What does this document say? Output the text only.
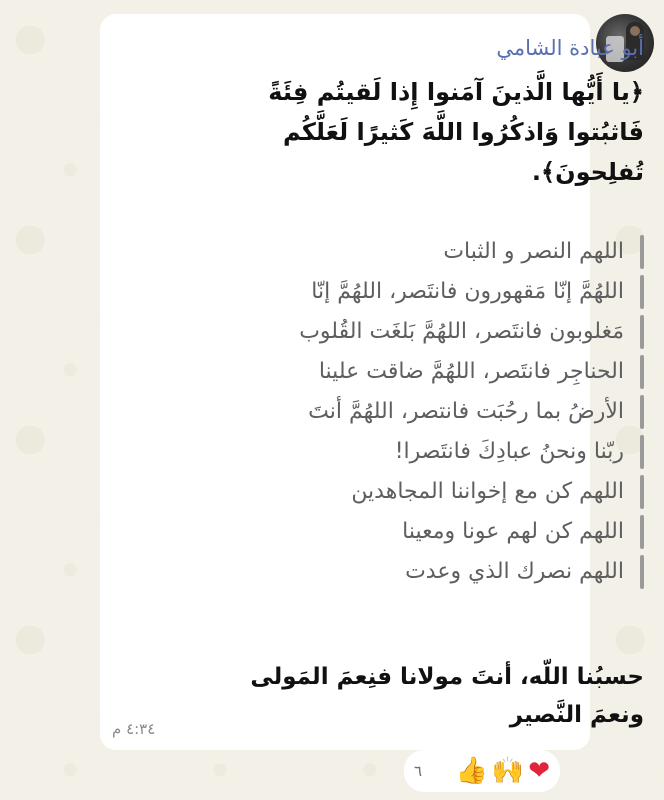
أبو عبادة الشامي

﴿يا أَيُّها الَّذينَ آمَنوا إِذا لَقيتُم فِئَةً فَاثبُتوا وَاذكُرُوا اللَّهَ كَثيرًا لَعَلَّكُم تُفلِحونَ﴾.

اللهم النصر و الثبات
اللهُمَّ إنّا مَقهورون فانتَصر، اللهُمَّ إنّا
مَغلوبون فانتَصر، اللهُمَّ بَلغَت القُلوب
الحناجِر فانتَصر، اللهُمَّ ضاقت علينا
الأرضُ بما رحُبَت فانتصر، اللهُمَّ أنتَ
ربّنا ونحنُ عبادِكَ فانتَصرا!
اللهم كن مع إخواننا المجاهدين
اللهم كن لهم عونا ومعينا
اللهم نصرك الذي وعدت

حسبُنا اللّه، أنتَ مولانا فنِعمَ المَولى ونعمَ النَّصير

٤:٣٤ م
٦ 👍 🙌 ❤
